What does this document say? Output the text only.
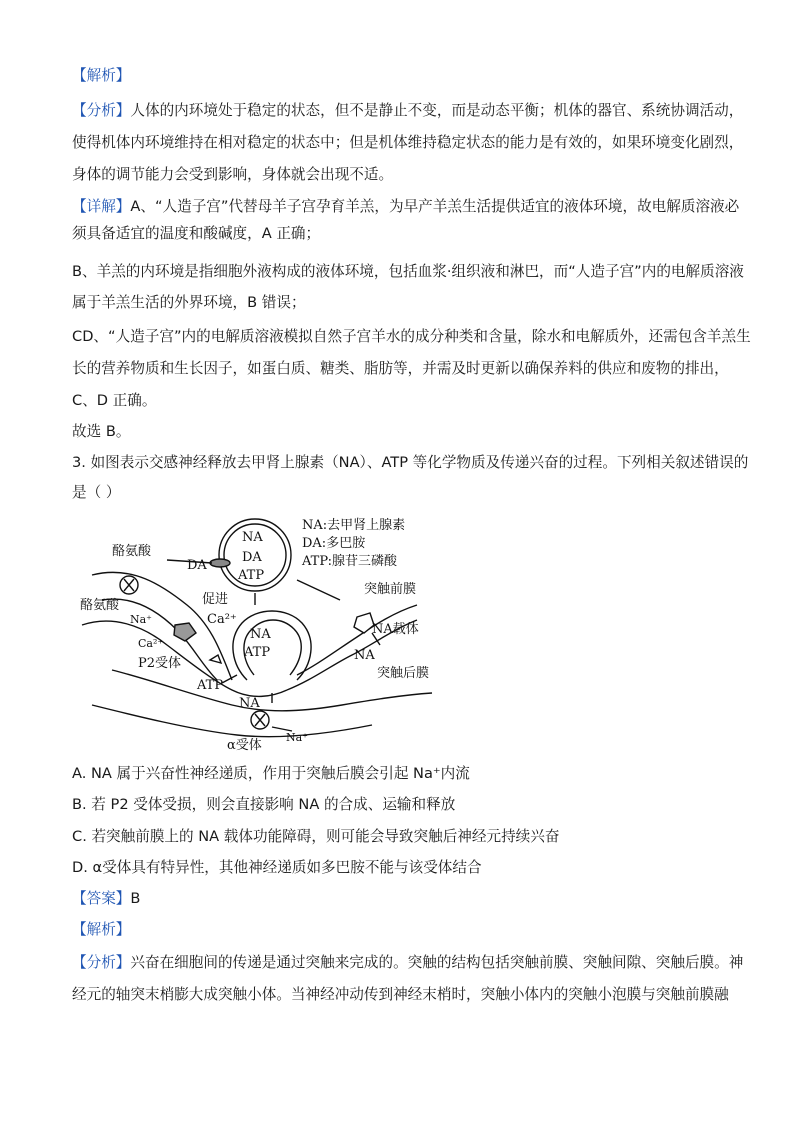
【解析】
【分析】人体的内环境处于稳定的状态，但不是静止不变，而是动态平衡；机体的器官、系统协调活动，
使得机体内环境维持在相对稳定的状态中；但是机体维持稳定状态的能力是有效的，如果环境变化剧烈，
身体的调节能力会受到影响，身体就会出现不适。
【详解】A、“人造子宫”代替母羊子宫孕育羊羔，为早产羊羔生活提供适宜的液体环境，故电解质溶液必
须具备适宜的温度和酸碱度，A 正确；
B、羊羔的内环境是指细胞外液构成的液体环境，包括血浆·组织液和淋巴，而“人造子宫”内的电解质溶液
属于羊羔生活的外界环境，B 错误；
CD、“人造子宫”内的电解质溶液模拟自然子宫羊水的成分种类和含量，除水和电解质外，还需包含羊羔生
长的营养物质和生长因子，如蛋白质、糖类、脂肪等，并需及时更新以确保养料的供应和废物的排出，
C、D 正确。
故选 B。
3. 如图表示交感神经释放去甲肾上腺素（NA）、ATP 等化学物质及传递兴奋的过程。下列相关叙述错误的
是（ ）
NA:去甲肾上腺素
DA:多巴胺
ATP:腺苷三磷酸
酪氨酸
酪氨酸
Na⁺
DA
NA
DA
ATP
促进
Ca²⁺
Ca²⁺
P2受体
NA
ATP
突触前膜
NA载体
NA
突触后膜
ATP
NA
α受体
Na⁺
A. NA 属于兴奋性神经递质，作用于突触后膜会引起 Na⁺内流
B. 若 P2 受体受损，则会直接影响 NA 的合成、运输和释放
C. 若突触前膜上的 NA 载体功能障碍，则可能会导致突触后神经元持续兴奋
D. α受体具有特异性，其他神经递质如多巴胺不能与该受体结合
【答案】B
【解析】
【分析】兴奋在细胞间的传递是通过突触来完成的。突触的结构包括突触前膜、突触间隙、突触后膜。神
经元的轴突末梢膨大成突触小体。当神经冲动传到神经末梢时，突触小体内的突触小泡膜与突触前膜融
